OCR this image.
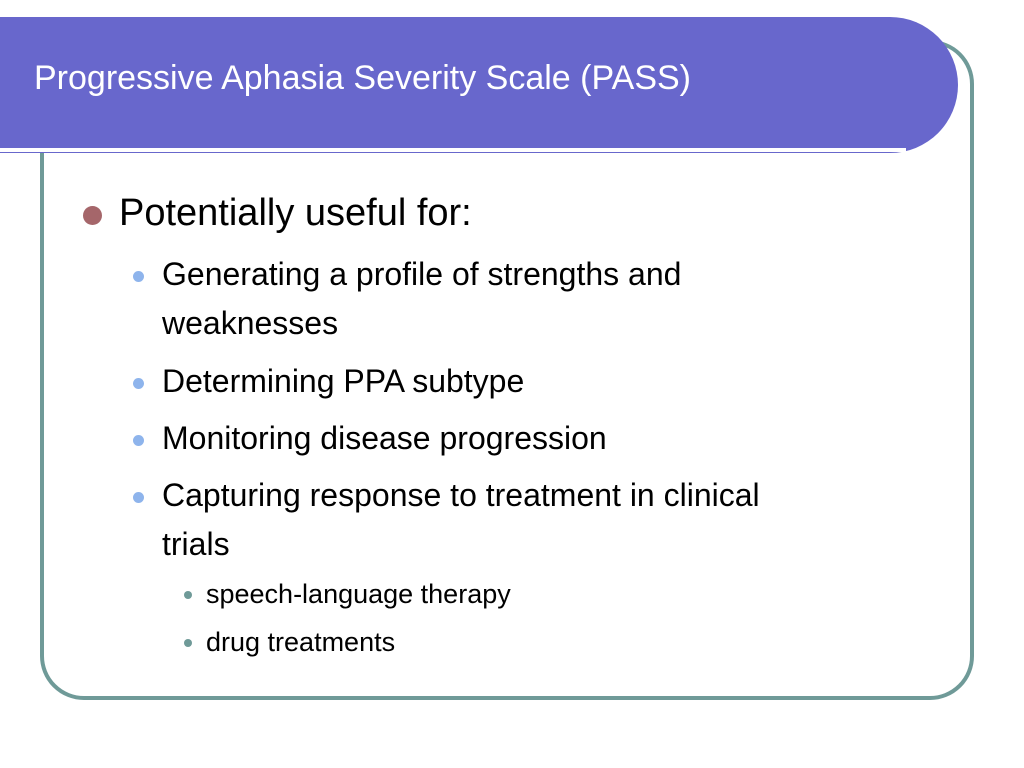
Progressive Aphasia Severity Scale (PASS)
Potentially useful for:
Generating a profile of strengths and
weaknesses
Determining PPA subtype
Monitoring disease progression
Capturing response to treatment in clinical
trials
speech-language therapy
drug treatments
